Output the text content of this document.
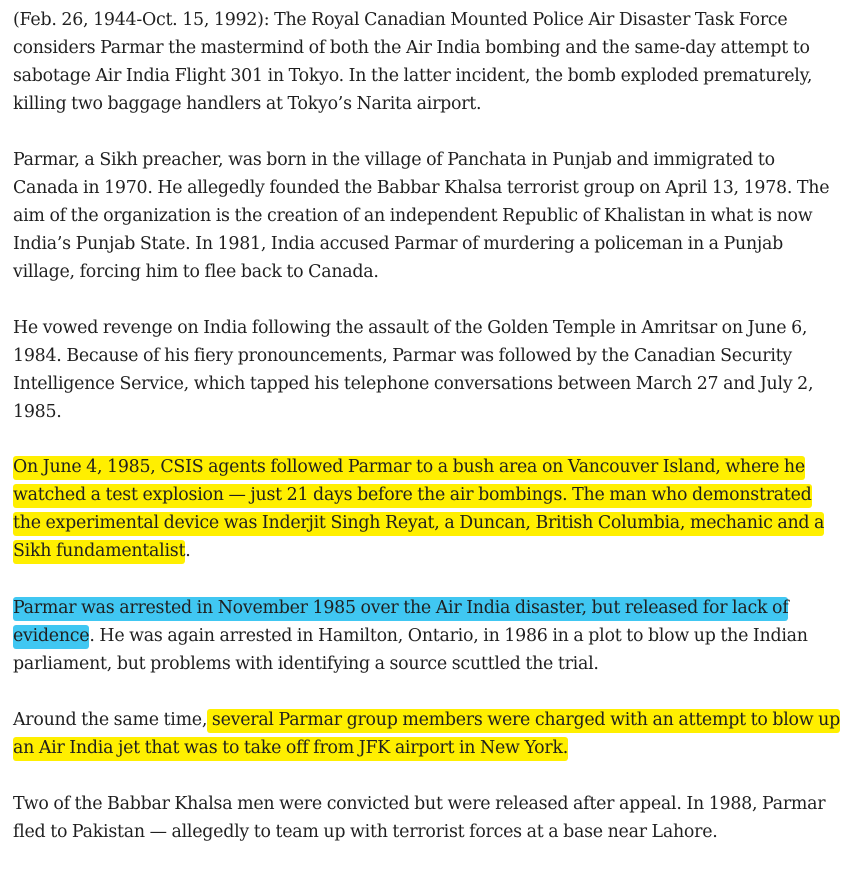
(Feb. 26, 1944-Oct. 15, 1992): The Royal Canadian Mounted Police Air Disaster Task Force considers Parmar the mastermind of both the Air India bombing and the same-day attempt to sabotage Air India Flight 301 in Tokyo. In the latter incident, the bomb exploded prematurely, killing two baggage handlers at Tokyo’s Narita airport.

Parmar, a Sikh preacher, was born in the village of Panchata in Punjab and immigrated to Canada in 1970. He allegedly founded the Babbar Khalsa terrorist group on April 13, 1978. The aim of the organization is the creation of an independent Republic of Khalistan in what is now India’s Punjab State. In 1981, India accused Parmar of murdering a policeman in a Punjab village, forcing him to flee back to Canada.

He vowed revenge on India following the assault of the Golden Temple in Amritsar on June 6, 1984. Because of his fiery pronouncements, Parmar was followed by the Canadian Security Intelligence Service, which tapped his telephone conversations between March 27 and July 2, 1985.

On June 4, 1985, CSIS agents followed Parmar to a bush area on Vancouver Island, where he watched a test explosion — just 21 days before the air bombings. The man who demonstrated the experimental device was Inderjit Singh Reyat, a Duncan, British Columbia, mechanic and a Sikh fundamentalist.

Parmar was arrested in November 1985 over the Air India disaster, but released for lack of evidence. He was again arrested in Hamilton, Ontario, in 1986 in a plot to blow up the Indian parliament, but problems with identifying a source scuttled the trial.

Around the same time, several Parmar group members were charged with an attempt to blow up an Air India jet that was to take off from JFK airport in New York.

Two of the Babbar Khalsa men were convicted but were released after appeal. In 1988, Parmar fled to Pakistan — allegedly to team up with terrorist forces at a base near Lahore.
